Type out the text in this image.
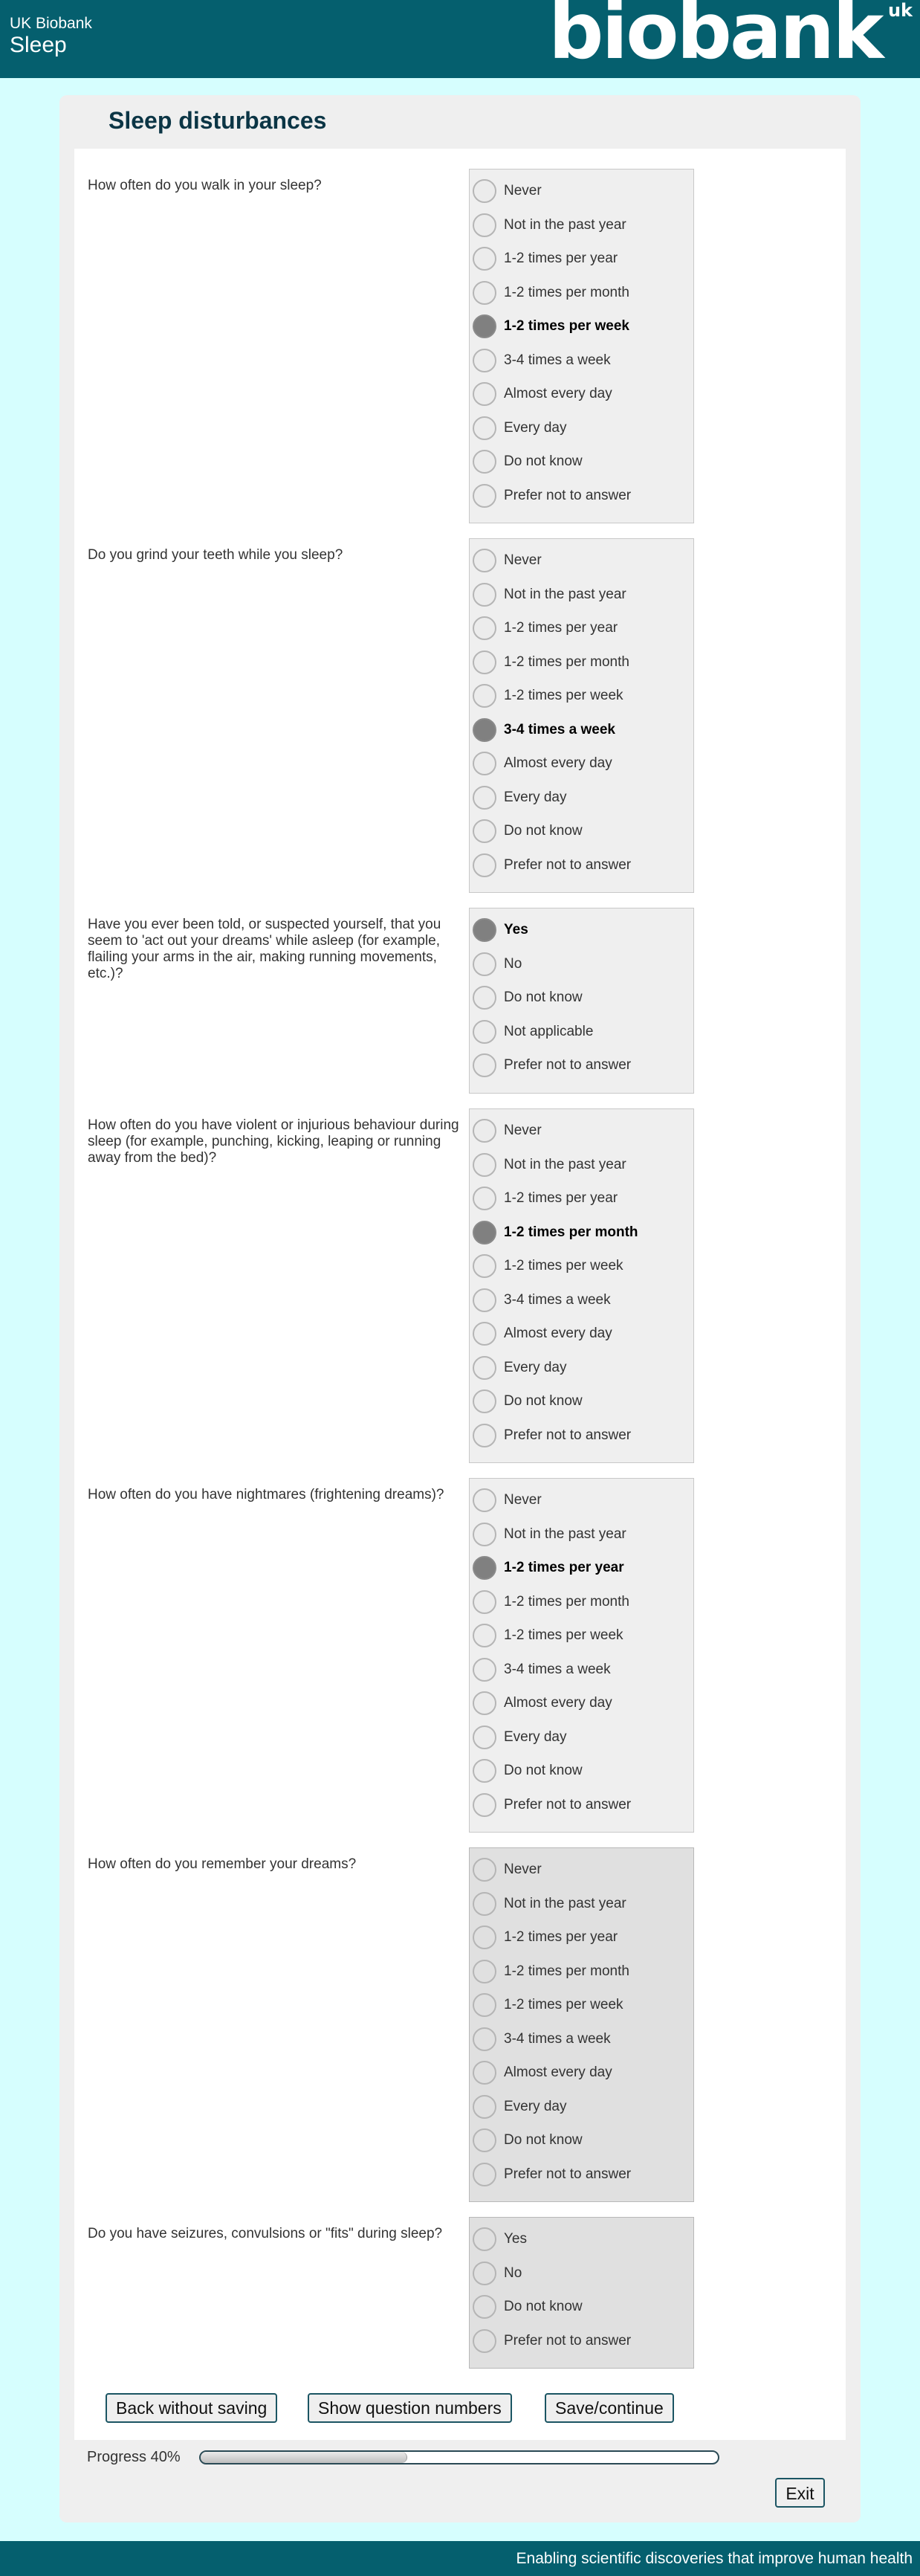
UK Biobank
Sleep	biobank uk
Sleep disturbances
How often do you walk in your sleep?	Never
Not in the past year
1-2 times per year
1-2 times per month
1-2 times per week
3-4 times a week
Almost every day
Every day
Do not know
Prefer not to answer
Do you grind your teeth while you sleep?	Never
Not in the past year
1-2 times per year
1-2 times per month
1-2 times per week
3-4 times a week
Almost every day
Every day
Do not know
Prefer not to answer
Have you ever been told, or suspected yourself, that you seem to 'act out your dreams' while asleep (for example, flailing your arms in the air, making running movements, etc.)?
Yes
No
Do not know
Not applicable
Prefer not to answer
How often do you have violent or injurious behaviour during sleep (for example, punching, kicking, leaping or running away from the bed)?
Never
Not in the past year
1-2 times per year
1-2 times per month
1-2 times per week
3-4 times a week
Almost every day
Every day
Do not know
Prefer not to answer
How often do you have nightmares (frightening dreams)?	Never
Not in the past year
1-2 times per year
1-2 times per month
1-2 times per week
3-4 times a week
Almost every day
Every day
Do not know
Prefer not to answer
How often do you remember your dreams?	Never
Not in the past year
1-2 times per year
1-2 times per month
1-2 times per week
3-4 times a week
Almost every day
Every day
Do not know
Prefer not to answer
Do you have seizures, convulsions or "fits" during sleep?	Yes
No
Do not know
Prefer not to answer
Back without saving	Show question numbers	Save/continue
Progress 40%
Exit
Enabling scientific discoveries that improve human health
